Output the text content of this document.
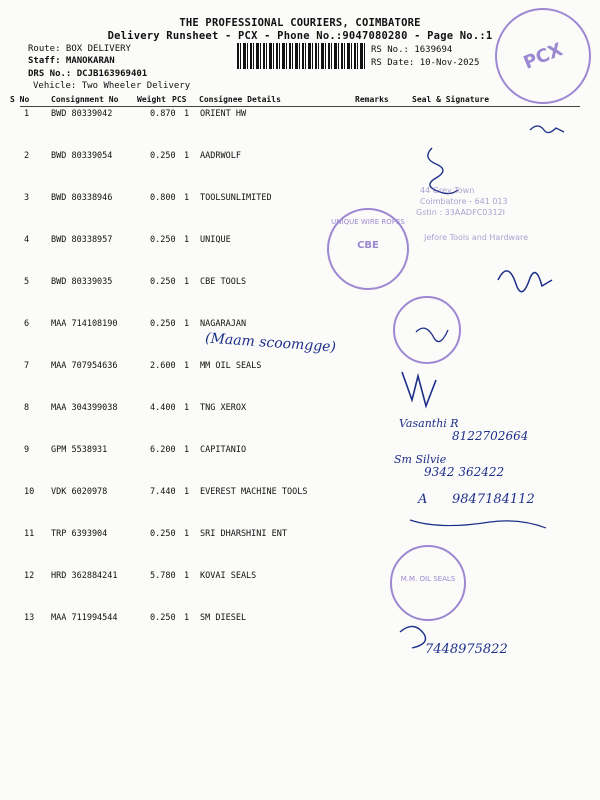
THE PROFESSIONAL COURIERS, COIMBATORE
Delivery Runsheet - PCX - Phone No.:9047080280 - Page No.:1
PCX
Route: BOX DELIVERY
Staff: MANOKARAN
DRS No.: DCJB163969401
Vehicle: Two Wheeler Delivery
RS No.: 1639694
RS Date: 10-Nov-2025
S No	Consignment No Weight PCS Consignee Details	Remarks	Seal & Signature
1	BWD 80339042	0.870 1 ORIENT HW
2	BWD 80339054	0.250 1 AADRWOLF
3	BWD 80338946	0.800 1 TOOLSUNLIMITED
4	BWD 80338957	0.250 1 UNIQUE
5	BWD 80339035	0.250 1 CBE TOOLS
6	MAA 714108190	0.250 1 NAGARAJAN
7	MAA 707954636	2.600 1 MM OIL SEALS
8	MAA 304399038	4.400 1 TNG XEROX
9	GPM 5538931	6.200 1 CAPITANIO
10 VDK 6020978	7.440 1 EVEREST MACHINE TOOLS
11 TRP 6393904	0.250 1 SRI DHARSHINI ENT
12 HRD 362884241	5.780 1 KOVAI SEALS
13 MAA 711994544	0.250 1 SM DIESEL
(Maam scoomgge)
Vasanthi R
8122702664
Sm Silvie
9342 362422
A 9847184112
7448975822
UNIQUE WIRE ROPES
CBE
44 Grey Town
Coimbatore - 641 013
Gstin : 33AADFC0312I
Jefore Tools and Hardware
M.M. OIL SEALS
